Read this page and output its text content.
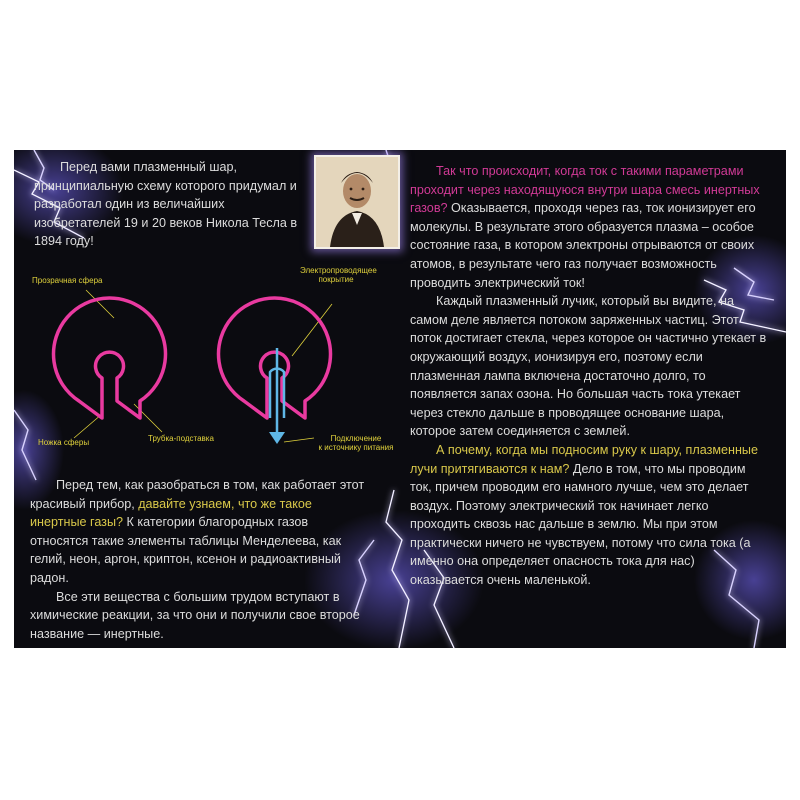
Перед вами плазменный шар, принципиальную схему которого придумал и разработал один из величайших изобретателей 19 и 20 веков Никола Тесла в 1894 году!

Прозрачная сфера
Ножка сферы	Трубка-подставка
Электропроводящее
покрытие
Подключение
к источнику питания

Перед тем, как разобраться в том, как работает этот красивый прибор, давайте узнаем, что же такое инертные газы? К категории благородных газов относятся такие элементы таблицы Менделеева, как гелий, неон, аргон, криптон, ксенон и радиоактивный радон.

Все эти вещества с большим трудом вступают в химические реакции, за что они и получили свое второе название — инертные.

Так что происходит, когда ток с такими параметрами проходит через находящуюся внутри шара смесь инертных газов? Оказывается, проходя через газ, ток ионизирует его молекулы. В результате этого образуется плазма – особое состояние газа, в котором электроны отрываются от своих атомов, в результате чего газ получает возможность проводить электрический ток!

Каждый плазменный лучик, который вы видите, на самом деле является потоком заряженных частиц. Этот поток достигает стекла, через которое он частично утекает в окружающий воздух, ионизируя его, поэтому если плазменная лампа включена достаточно долго, то появляется запах озона. Но большая часть тока утекает через стекло дальше в проводящее основание шара, которое затем соединяется с землей.

А почему, когда мы подносим руку к шару, плазменные лучи притягиваются к нам? Дело в том, что мы проводим ток, причем проводим его намного лучше, чем это делает воздух. Поэтому электрический ток начинает легко проходить сквозь нас дальше в землю. Мы при этом практически ничего не чувствуем, потому что сила тока (а именно она определяет опасность тока для нас) оказывается очень маленькой.
